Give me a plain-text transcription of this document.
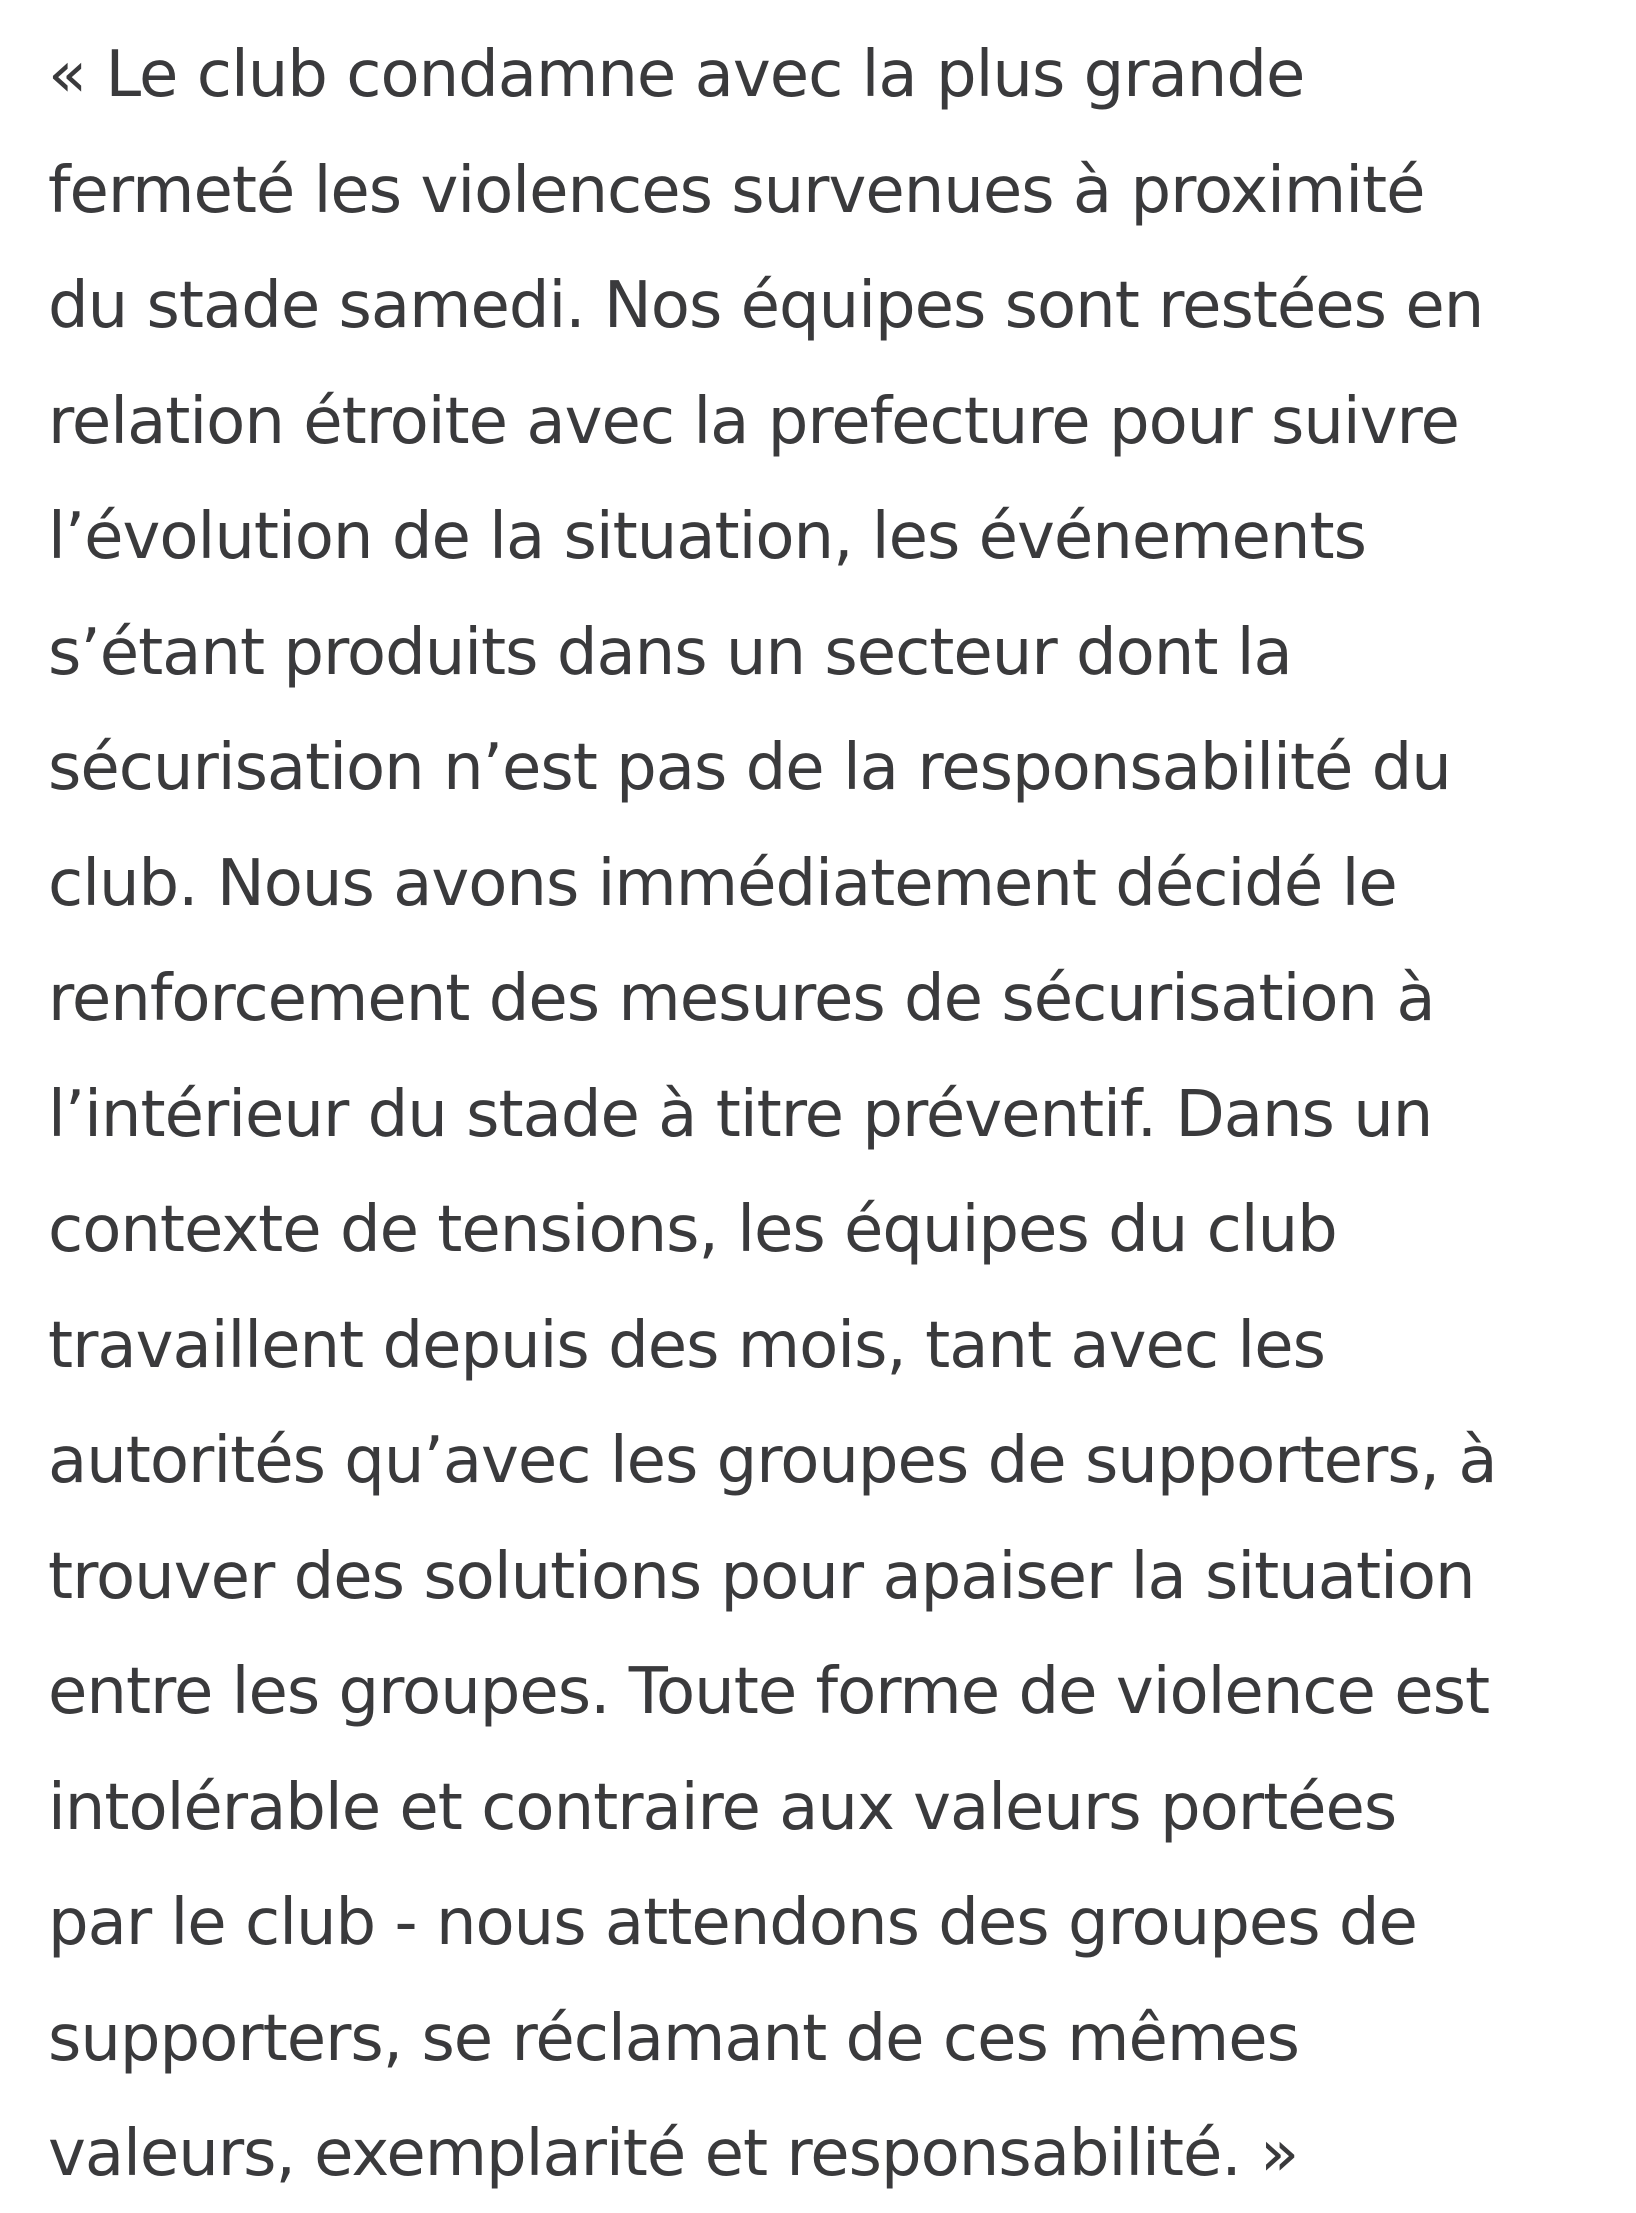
« Le club condamne avec la plus grande
fermeté les violences survenues à proximité
du stade samedi. Nos équipes sont restées en
relation étroite avec la prefecture pour suivre
l’évolution de la situation, les événements
s’étant produits dans un secteur dont la
sécurisation n’est pas de la responsabilité du
club. Nous avons immédiatement décidé le
renforcement des mesures de sécurisation à
l’intérieur du stade à titre préventif. Dans un
contexte de tensions, les équipes du club
travaillent depuis des mois, tant avec les
autorités qu’avec les groupes de supporters, à
trouver des solutions pour apaiser la situation
entre les groupes. Toute forme de violence est
intolérable et contraire aux valeurs portées
par le club - nous attendons des groupes de
supporters, se réclamant de ces mêmes
valeurs, exemplarité et responsabilité. »
